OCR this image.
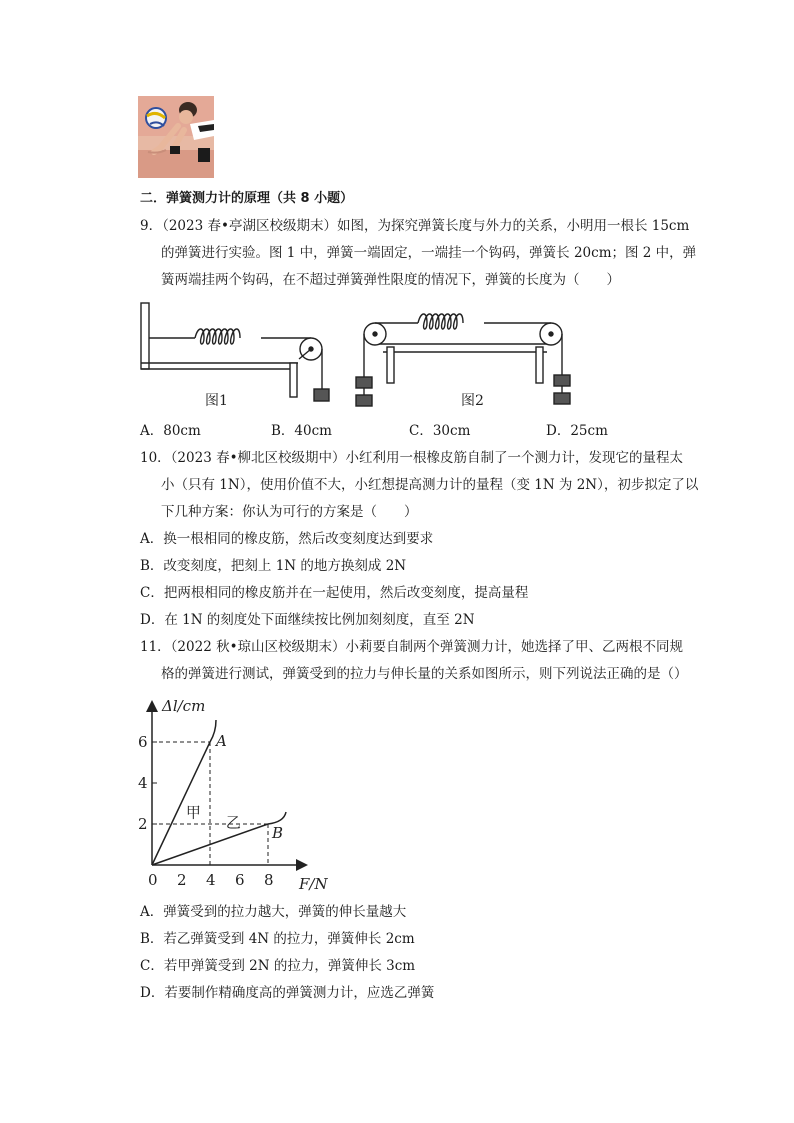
二．弹簧测力计的原理（共 8 小题）
9．（2023 春•亭湖区校级期末）如图，为探究弹簧长度与外力的关系，小明用一根长 15cm
的弹簧进行实验。图 1 中，弹簧一端固定，一端挂一个钩码，弹簧长 20cm；图 2 中，弹
簧两端挂两个钩码，在不超过弹簧弹性限度的情况下，弹簧的长度为（　　）
图1	图2
A．80cm	B．40cm	C．30cm	D．25cm
10．（2023 春•柳北区校级期中）小红利用一根橡皮筋自制了一个测力计，发现它的量程太
小（只有 1N），使用价值不大，小红想提高测力计的量程（变 1N 为 2N），初步拟定了以
下几种方案：你认为可行的方案是（　　）
A．换一根相同的橡皮筋，然后改变刻度达到要求
B．改变刻度，把刻上 1N 的地方换刻成 2N
C．把两根相同的橡皮筋并在一起使用，然后改变刻度，提高量程
D．在 1N 的刻度处下面继续按比例加刻刻度，直至 2N
11．（2022 秋•琼山区校级期末）小莉要自制两个弹簧测力计，她选择了甲、乙两根不同规
格的弹簧进行测试，弹簧受到的拉力与伸长量的关系如图所示，则下列说法正确的是（）
Δl/cm
F/N
0 2 4 6 8
2
4
6	A
甲
B
乙
A．弹簧受到的拉力越大，弹簧的伸长量越大
B．若乙弹簧受到 4N 的拉力，弹簧伸长 2cm
C．若甲弹簧受到 2N 的拉力，弹簧伸长 3cm
D．若要制作精确度高的弹簧测力计，应选乙弹簧
